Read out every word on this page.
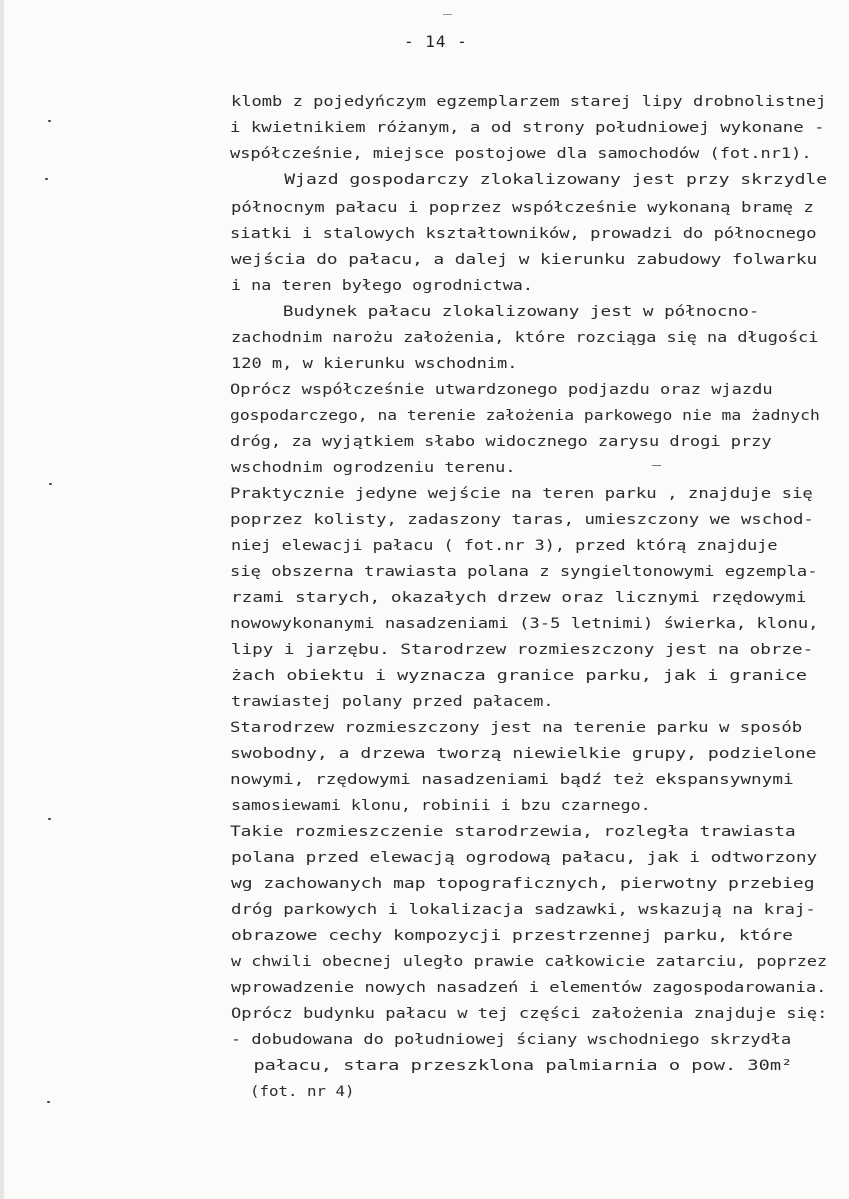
- 14 -
klomb z pojedyńczym egzemplarzem starej lipy drobnolistnej
i kwietnikiem różanym, a od strony południowej wykonane -
współcześnie, miejsce postojowe dla samochodów (fot.nr1).
Wjazd gospodarczy zlokalizowany jest przy skrzydle
północnym pałacu i poprzez współcześnie wykonaną bramę z
siatki i stalowych kształtowników, prowadzi do północnego
wejścia do pałacu, a dalej w kierunku zabudowy folwarku
i na teren byłego ogrodnictwa.
Budynek pałacu zlokalizowany jest w północno-
zachodnim narożu założenia, które rozciąga się na długości
120 m, w kierunku wschodnim.
Oprócz współcześnie utwardzonego podjazdu oraz wjazdu
gospodarczego, na terenie założenia parkowego nie ma żadnych
dróg, za wyjątkiem słabo widocznego zarysu drogi przy
wschodnim ogrodzeniu terenu.
Praktycznie jedyne wejście na teren parku , znajduje się
poprzez kolisty, zadaszony taras, umieszczony we wschod-
niej elewacji pałacu ( fot.nr 3), przed którą znajduje
się obszerna trawiasta polana z syngieltonowymi egzempla-
rzami starych, okazałych drzew oraz licznymi rzędowymi
nowowykonanymi nasadzeniami (3-5 letnimi) świerka, klonu,
lipy i jarzębu. Starodrzew rozmieszczony jest na obrze-
żach obiektu i wyznacza granice parku, jak i granice
trawiastej polany przed pałacem.
Starodrzew rozmieszczony jest na terenie parku w sposób
swobodny, a drzewa tworzą niewielkie grupy, podzielone
nowymi, rzędowymi nasadzeniami bądź też ekspansywnymi
samosiewami klonu, robinii i bzu czarnego.
Takie rozmieszczenie starodrzewia, rozległa trawiasta
polana przed elewacją ogrodową pałacu, jak i odtworzony
wg zachowanych map topograficznych, pierwotny przebieg
dróg parkowych i lokalizacja sadzawki, wskazują na kraj-
obrazowe cechy kompozycji przestrzennej parku, które
w chwili obecnej uległo prawie całkowicie zatarciu, poprzez
wprowadzenie nowych nasadzeń i elementów zagospodarowania.
Oprócz budynku pałacu w tej części założenia znajduje się:
- dobudowana do południowej ściany wschodniego skrzydła
pałacu, stara przeszklona palmiarnia o pow. 30m²
(fot. nr 4)
